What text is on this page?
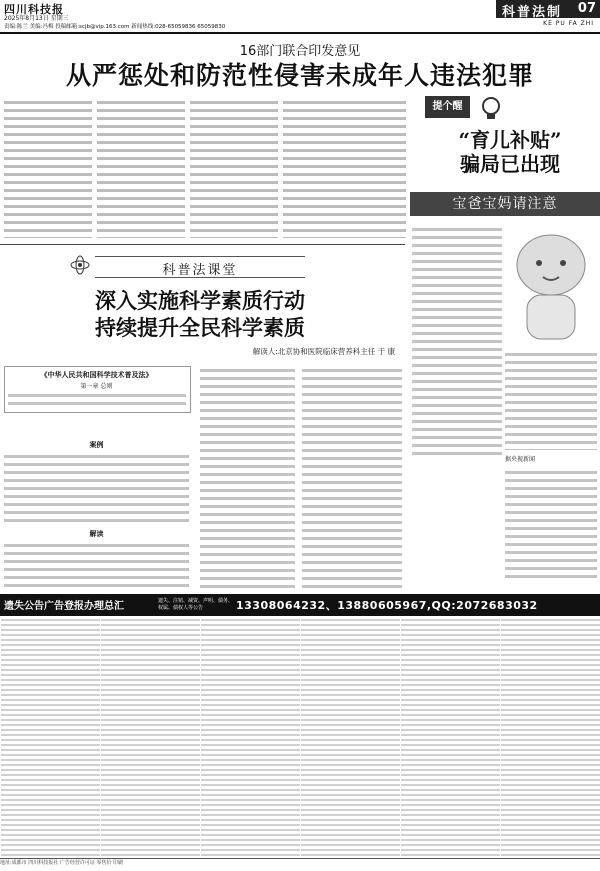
四川科技报
2025年8月13日 星期三
责编:陈兰 美编:冯梅 投稿邮箱:scjb@vip.163.com 新闻热线:028-65059836 65059830
科普法制 07
KE PU FA ZHI
16部门联合印发意见
从严惩处和防范性侵害未成年人违法犯罪
提个醒
“育儿补贴”
骗局已出现
宝爸宝妈请注意
据央视新闻
科普法课堂
深入实施科学素质行动
持续提升全民科学素质
解读人:北京协和医院临床营养科主任 于 康
《中华人民共和国科学技术普及法》
第一章 总则
案例
解读
遗失公告广告登报办理总汇	遗失、注销、减资、声明、债务、权属、债权人等公告	13308064232、13880605967,QQ:2072683032
地址:成都市 四川科技报社 广告经营许可证 零售价 印刷
